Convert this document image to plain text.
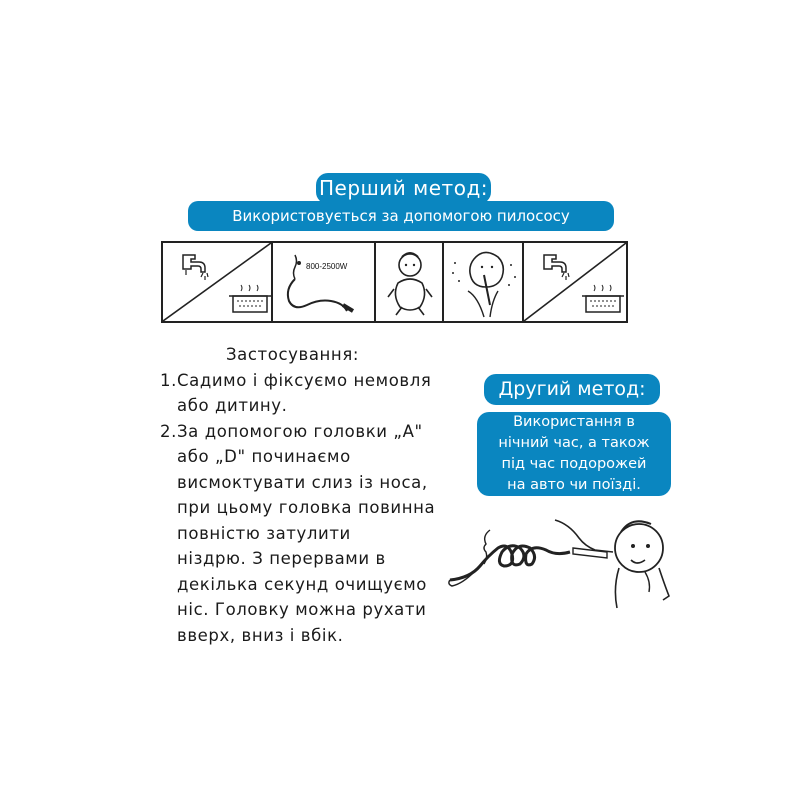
Перший метод:
Використовується за допомогою пилососу
800-2500W
Застосування:
1. Садимо і фіксуємо немовля
або дитину.
2. За допомогою головки „A"
або „D" починаємо
висмоктувати слиз із носа,
при цьому головка повинна
повністю затулити
ніздрю. З перервами в
декілька секунд очищуємо
ніс. Головку можна рухати
вверх, вниз і вбік.
Другий метод:
Використання в
нічний час, а також
під час подорожей
на авто чи поїзді.
